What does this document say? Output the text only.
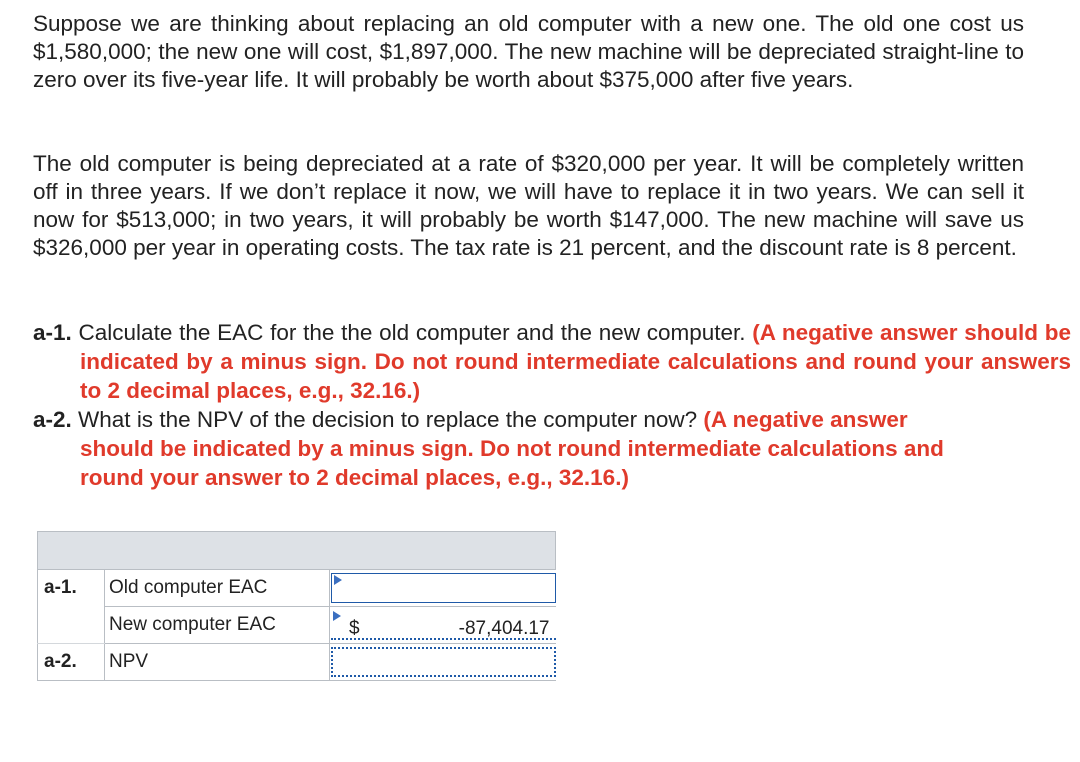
Suppose we are thinking about replacing an old computer with a new one. The old one cost us $1,580,000; the new one will cost, $1,897,000. The new machine will be depreciated straight-line to zero over its five-year life. It will probably be worth about $375,000 after five years.

The old computer is being depreciated at a rate of $320,000 per year. It will be completely written off in three years. If we don’t replace it now, we will have to replace it in two years. We can sell it now for $513,000; in two years, it will probably be worth $147,000. The new machine will save us $326,000 per year in operating costs. The tax rate is 21 percent, and the discount rate is 8 percent.

a-1. Calculate the EAC for the the old computer and the new computer. (A negative answer should be indicated by a minus sign. Do not round intermediate calculations and round your answers to 2 decimal places, e.g., 32.16.)

a-2. What is the NPV of the decision to replace the computer now? (A negative answer should be indicated by a minus sign. Do not round intermediate calculations and round your answer to 2 decimal places, e.g., 32.16.)

a-1.	Old computer EAC	

	New computer EAC	$ -87,404.17

a-2.	NPV	
